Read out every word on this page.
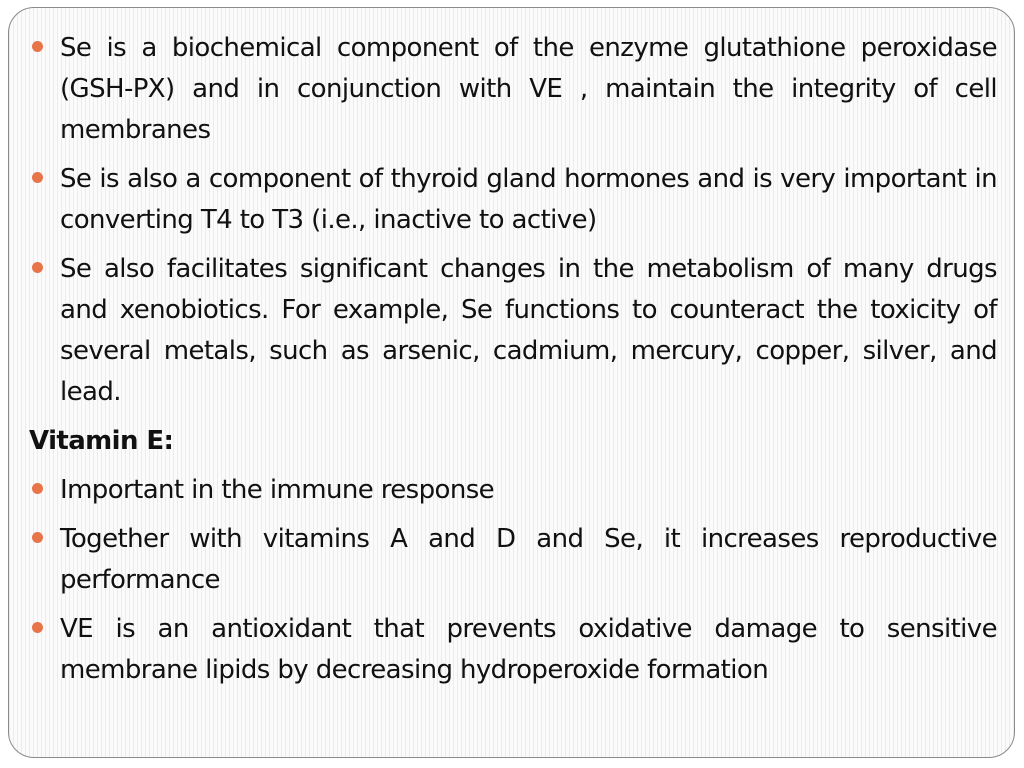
Se is a biochemical component of the enzyme glutathione peroxidase (GSH-PX) and in conjunction with VE , maintain the integrity of cell membranes
Se is also a component of thyroid gland hormones and is very important in converting T4 to T3 (i.e., inactive to active)
Se also facilitates significant changes in the metabolism of many drugs and xenobiotics. For example, Se functions to counteract the toxicity of several metals, such as arsenic, cadmium, mercury, copper, silver, and lead.
Vitamin E:
Important in the immune response
Together with vitamins A and D and Se, it increases reproductive performance
VE is an antioxidant that prevents oxidative damage to sensitive membrane lipids by decreasing hydroperoxide formation
